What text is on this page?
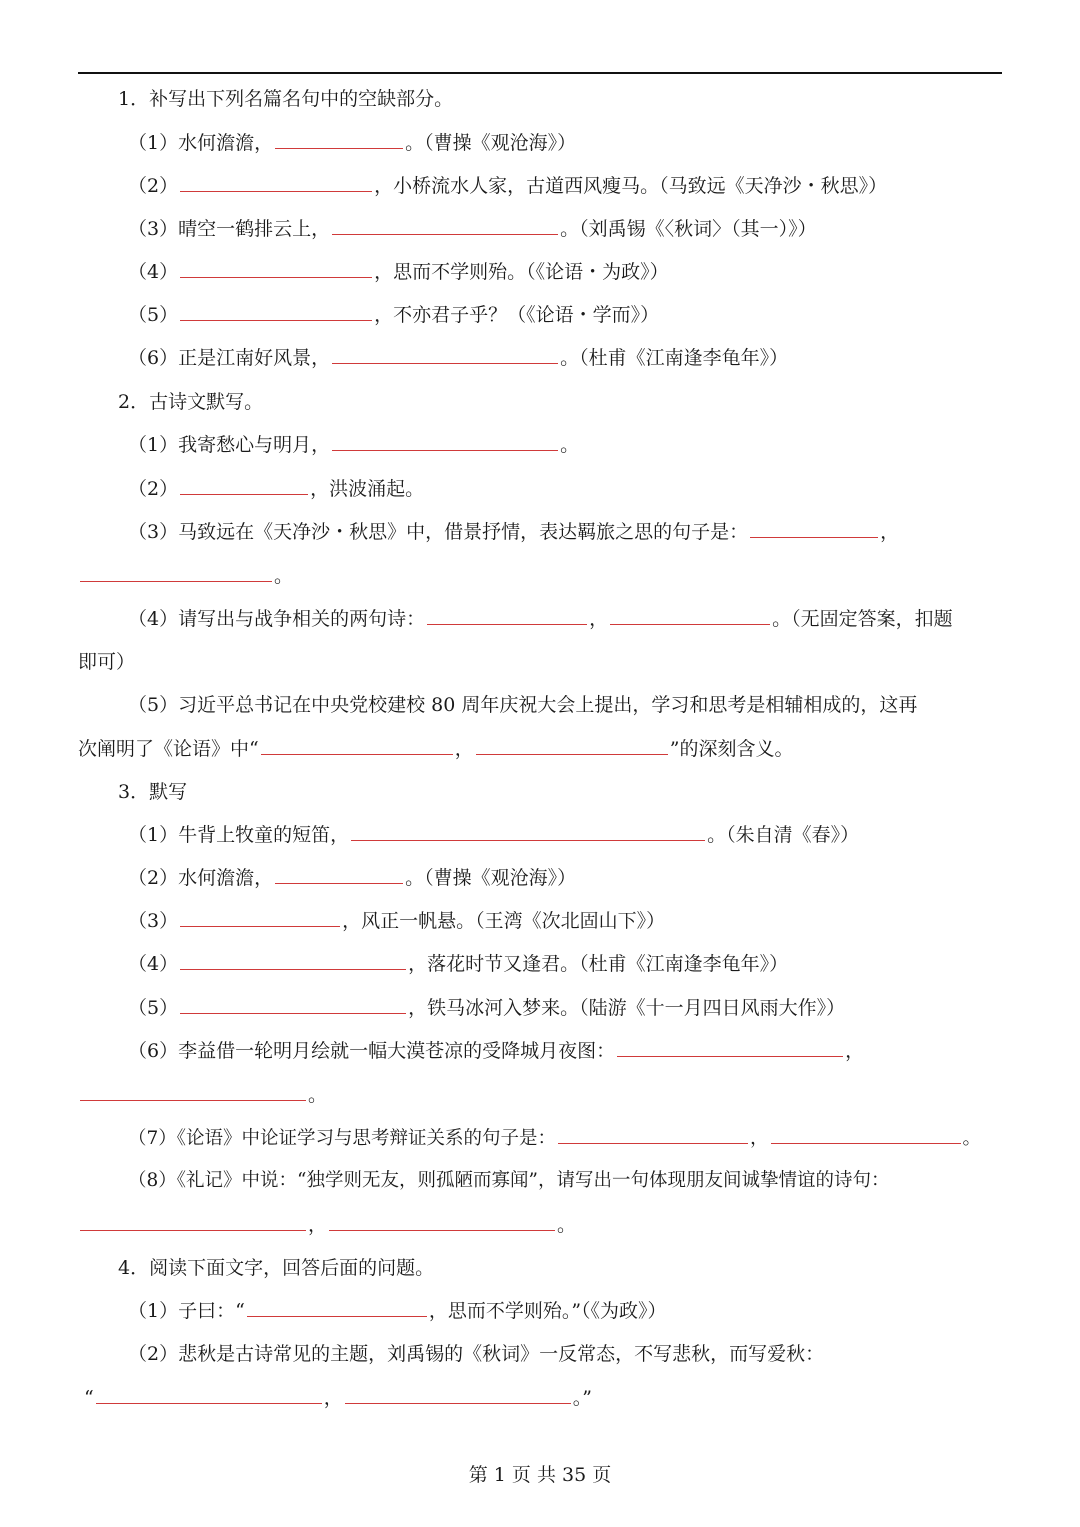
1．补写出下列名篇名句中的空缺部分。
（1）水何澹澹，	。（曹操《观沧海》）
（2）	，小桥流水人家，古道西风瘦马。（马致远《天净沙・秋思》）
（3）晴空一鹤排云上，	。（刘禹锡《〈秋词〉（其一）》）
（4）	，思而不学则殆。（《论语・为政》）
（5）	，不亦君子乎？（《论语・学而》）
（6）正是江南好风景，	。（杜甫《江南逢李龟年》）
2．古诗文默写。
（1）我寄愁心与明月，	。
（2）	，洪波涌起。
（3）马致远在《天净沙・秋思》中，借景抒情，表达羁旅之思的句子是：	，
。
（4）请写出与战争相关的两句诗：	，	。（无固定答案，扣题
即可）
（5）习近平总书记在中央党校建校 80 周年庆祝大会上提出，学习和思考是相辅相成的，这再
次阐明了《论语》中“	，	”的深刻含义。
3．默写
（1）牛背上牧童的短笛，	。（朱自清《春》）
（2）水何澹澹，	。（曹操《观沧海》）
（3）	，风正一帆悬。（王湾《次北固山下》）
（4）	，落花时节又逢君。（杜甫《江南逢李龟年》）
（5）	，铁马冰河入梦来。（陆游《十一月四日风雨大作》）
（6）李益借一轮明月绘就一幅大漠苍凉的受降城月夜图：	，
。
（7）《论语》中论证学习与思考辩证关系的句子是：	，	。
（8）《礼记》中说：“独学则无友，则孤陋而寡闻”，请写出一句体现朋友间诚挚情谊的诗句：
，	。
4．阅读下面文字，回答后面的问题。
（1）子曰：“	，思而不学则殆。”（《为政》）
（2）悲秋是古诗常见的主题，刘禹锡的《秋词》一反常态，不写悲秋，而写爱秋：
“	，	。”
第 1 页 共 35 页
